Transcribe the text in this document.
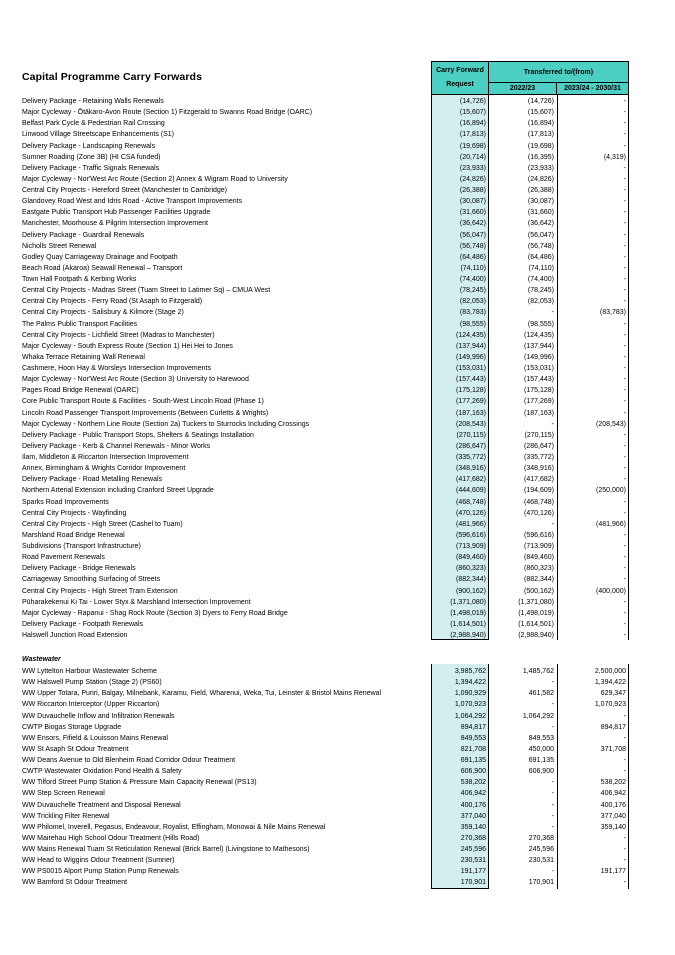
Capital Programme Carry Forwards
Carry Forward
Request
Transferred to/(from)
2022/23	2023/24 - 2030/31
Delivery Package - Retaining Walls Renewals	(14,726)	(14,726)	-
Major Cycleway - Ōtākaro-Avon Route (Section 1) Fitzgerald to Swanns Road Bridge (OARC)	(15,607)	(15,607)	-
Belfast Park Cycle & Pedestrian Rail Crossing	(16,894)	(16,894)	-
Linwood Village Streetscape Enhancements (S1)	(17,813)	(17,813)	-
Delivery Package - Landscaping Renewals	(19,698)	(19,698)	-
Sumner Roading (Zone 3B) (HI CSA funded)	(20,714)	(16,395)	(4,319)
Delivery Package - Traffic Signals Renewals	(23,933)	(23,933)	-
Major Cycleway - Nor'West Arc Route (Section 2) Annex & Wigram Road to University	(24,826)	(24,826)	-
Central City Projects - Hereford Street (Manchester to Cambridge)	(26,388)	(26,388)	-
Glandovey Road West and Idris Road - Active Transport Improvements	(30,087)	(30,087)	-
Eastgate Public Transport Hub Passenger Facilities Upgrade	(31,660)	(31,660)	-
Manchester, Moorhouse & Pilgrim Intersection Improvement	(36,642)	(36,642)	-
Delivery Package - Guardrail Renewals	(56,047)	(56,047)	-
Nicholls Street Renewal	(56,748)	(56,748)	-
Godley Quay Carriageway Drainage and Footpath	(64,486)	(64,486)	-
Beach Road (Akaroa) Seawall Renewal – Transport	(74,110)	(74,110)	-
Town Hall Footpath & Kerbing Works	(74,400)	(74,400)	-
Central City Projects - Madras Street (Tuam Street to Latimer Sq) – CMUA West	(78,245)	(78,245)	-
Central City Projects - Ferry Road (St Asaph to Fitzgerald)	(82,053)	(82,053)	-
Central City Projects - Salisbury & Kilmore (Stage 2)	(83,783)	-	(83,783)
The Palms Public Transport Facilities	(98,555)	(98,555)	-
Central City Projects - Lichfield Street (Madras to Manchester)	(124,435)	(124,435)	-
Major Cycleway - South Express Route (Section 1) Hei Hei to Jones	(137,944)	(137,944)	-
Whaka Terrace Retaining Wall Renewal	(149,996)	(149,996)	-
Cashmere, Hoon Hay & Worsleys Intersection Improvements	(153,031)	(153,031)	-
Major Cycleway - Nor'West Arc Route (Section 3) University to Harewood	(157,443)	(157,443)	-
Pages Road Bridge Renewal (OARC)	(175,128)	(175,128)	-
Core Public Transport Route & Facilities - South-West Lincoln Road (Phase 1)	(177,269)	(177,269)	-
Lincoln Road Passenger Transport Improvements (Between Curletts & Wrights)	(187,163)	(187,163)	-
Major Cycleway - Northern Line Route (Section 2a) Tuckers to Sturrocks Including Crossings	(208,543)	-	(208,543)
Delivery Package - Public Transport Stops, Shelters & Seatings Installation	(270,115)	(270,115)	-
Delivery Package - Kerb & Channel Renewals - Minor Works	(286,647)	(286,647)	-
Ilam, Middleton & Riccarton Intersection Improvement	(335,772)	(335,772)	-
Annex, Birmingham & Wrights Corridor Improvement	(348,916)	(348,916)	-
Delivery Package - Road Metalling Renewals	(417,682)	(417,682)	-
Northern Arterial Extension including Cranford Street Upgrade	(444,609)	(194,609)	(250,000)
Sparks Road Improvements	(468,748)	(468,748)	-
Central City Projects - Wayfinding	(470,126)	(470,126)	-
Central City Projects - High Street (Cashel to Tuam)	(481,966)	-	(481,966)
Marshland Road Bridge Renewal	(596,616)	(596,616)	-
Subdivisions (Transport Infrastructure)	(713,909)	(713,909)	-
Road Pavement Renewals	(849,460)	(849,460)	-
Delivery Package - Bridge Renewals	(860,323)	(860,323)	-
Carriageway Smoothing Surfacing of Streets	(882,344)	(882,344)	-
Central City Projects - High Street Tram Extension	(900,162)	(500,162)	(400,000)
Pūharakekenui Ki Tai - Lower Styx & Marshland Intersection Improvement	(1,371,080)	(1,371,080)	-
Major Cycleway - Rapanui - Shag Rock Route (Section 3) Dyers to Ferry Road Bridge	(1,498,019)	(1,498,019)	-
Delivery Package - Footpath Renewals	(1,614,501)	(1,614,501)	-
Halswell Junction Road Extension	(2,988,940)	(2,988,940)	-
Wastewater
WW Lyttelton Harbour Wastewater Scheme	3,985,762	1,485,762	2,500,000
WW Halswell Pump Station (Stage 2) (PS60)	1,394,422	-	1,394,422
WW Upper Totara, Puriri, Balgay, Milnebank, Karamu, Field, Wharenui, Weka, Tui, Leinster & Bristol Mains Renewal	1,090,929	461,582	629,347
WW Riccarton Interceptor (Upper Riccarton)	1,070,923	-	1,070,923
WW Duvauchelle Inflow and Infiltration Renewals	1,064,292	1,064,292	-
CWTP Biogas Storage Upgrade	894,817	-	894,817
WW Ensors, Fifield & Louisson Mains Renewal	849,553	849,553	-
WW St Asaph St Odour Treatment	821,708	450,000	371,708
WW Deans Avenue to Old Blenheim Road Corridor Odour Treatment	691,135	691,135	-
CWTP Wastewater Oxidation Pond Health & Safety	606,900	606,900	-
WW Tilford Street Pump Station & Pressure Main Capacity Renewal (PS13)	538,202	-	538,202
WW Step Screen Renewal	406,942	-	406,942
WW Duvauchelle Treatment and Disposal Renewal	400,176	-	400,176
WW Trickling Filter Renewal	377,040	-	377,040
WW Philomel, Inverell, Pegasus, Endeavour, Royalist, Effingham, Monowai & Nile Mains Renewal	359,140	-	359,140
WW Mairehau High School Odour Treatment (Hills Road)	270,368	270,368	-
WW Mains Renewal Tuam St Reticulation Renewal (Brick Barrel) (Livingstone to Mathesons)	245,596	245,596	-
WW Head to Wiggins Odour Treatment (Sumner)	230,531	230,531	-
WW PS0015 Alport Pump Station Pump Renewals	191,177	-	191,177
WW Bamford St Odour Treatment	170,901	170,901	-
